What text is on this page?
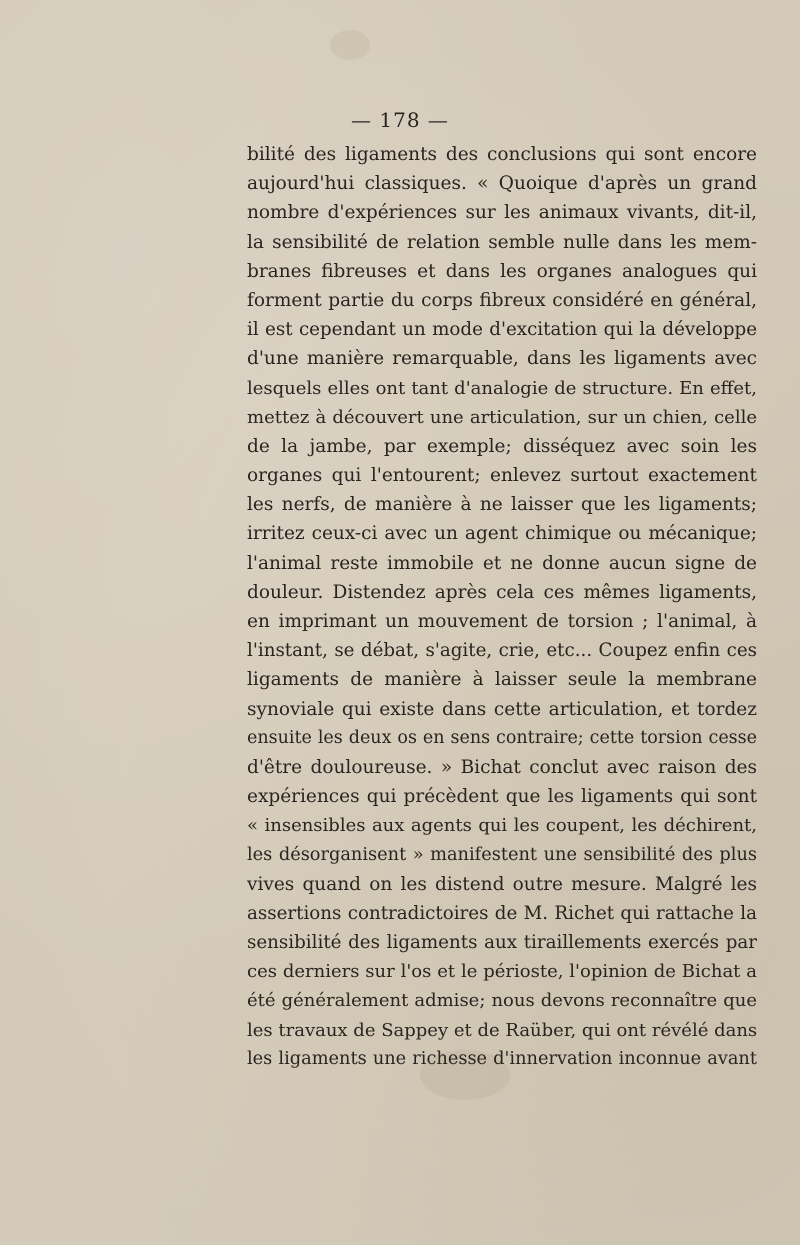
— 178 —
bilité des ligaments des conclusions qui sont encore
aujourd'hui classiques. « Quoique d'après un grand
nombre d'expériences sur les animaux vivants, dit-il,
la sensibilité de relation semble nulle dans les mem-
branes fibreuses et dans les organes analogues qui
forment partie du corps fibreux considéré en général,
il est cependant un mode d'excitation qui la développe
d'une manière remarquable, dans les ligaments avec
lesquels elles ont tant d'analogie de structure. En effet,
mettez à découvert une articulation, sur un chien, celle
de la jambe, par exemple; disséquez avec soin les
organes qui l'entourent; enlevez surtout exactement
les nerfs, de manière à ne laisser que les ligaments;
irritez ceux-ci avec un agent chimique ou mécanique;
l'animal reste immobile et ne donne aucun signe de
douleur. Distendez après cela ces mêmes ligaments,
en imprimant un mouvement de torsion ; l'animal, à
l'instant, se débat, s'agite, crie, etc... Coupez enfin ces
ligaments de manière à laisser seule la membrane
synoviale qui existe dans cette articulation, et tordez
ensuite les deux os en sens contraire; cette torsion cesse
d'être douloureuse. » Bichat conclut avec raison des
expériences qui précèdent que les ligaments qui sont
« insensibles aux agents qui les coupent, les déchirent,
les désorganisent » manifestent une sensibilité des plus
vives quand on les distend outre mesure. Malgré les
assertions contradictoires de M. Richet qui rattache la
sensibilité des ligaments aux tiraillements exercés par
ces derniers sur l'os et le périoste, l'opinion de Bichat a
été généralement admise; nous devons reconnaître que
les travaux de Sappey et de Raüber, qui ont révélé dans
les ligaments une richesse d'innervation inconnue avant
